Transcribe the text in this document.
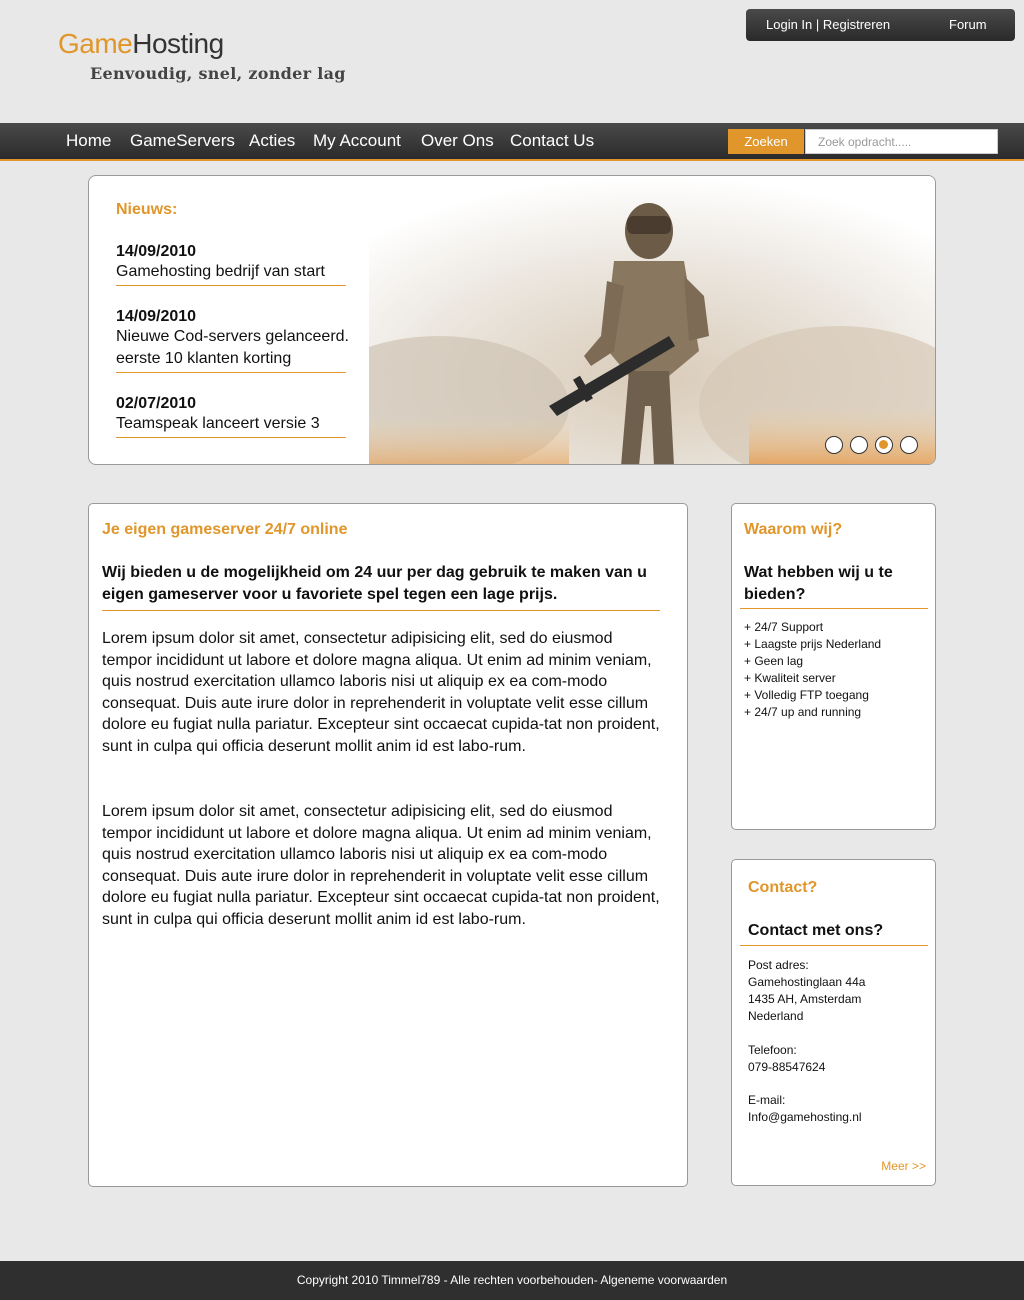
GameHosting
Eenvoudig, snel, zonder lag
Login In | Registreren	Forum
Home GameServers Acties My Account Over Ons Contact Us	Zoeken
Zoek opdracht.....
Nieuws:
14/09/2010
Gamehosting bedrijf van start
14/09/2010
Nieuwe Cod-servers gelanceerd.
eerste 10 klanten korting
02/07/2010
Teamspeak lanceert versie 3
Je eigen gameserver 24/7 online
Wij bieden u de mogelijkheid om 24 uur per dag gebruik te maken van u eigen gameserver voor u favoriete spel tegen een lage prijs.
Lorem ipsum dolor sit amet, consectetur adipisicing elit, sed do eiusmod tempor incididunt ut labore et dolore magna aliqua. Ut enim ad minim veniam, quis nostrud exercitation ullamco laboris nisi ut aliquip ex ea com-modo consequat. Duis aute irure dolor in reprehenderit in voluptate velit esse cillum dolore eu fugiat nulla pariatur. Excepteur sint occaecat cupida-tat non proident, sunt in culpa qui officia deserunt mollit anim id est labo-rum.
Lorem ipsum dolor sit amet, consectetur adipisicing elit, sed do eiusmod tempor incididunt ut labore et dolore magna aliqua. Ut enim ad minim veniam, quis nostrud exercitation ullamco laboris nisi ut aliquip ex ea com-modo consequat. Duis aute irure dolor in reprehenderit in voluptate velit esse cillum dolore eu fugiat nulla pariatur. Excepteur sint occaecat cupida-tat non proident, sunt in culpa qui officia deserunt mollit anim id est labo-rum.
Waarom wij?
Wat hebben wij u te bieden?
+ 24/7 Support
+ Laagste prijs Nederland
+ Geen lag
+ Kwaliteit server
+ Volledig FTP toegang
+ 24/7 up and running
Contact?
Contact met ons?
Post adres:
Gamehostinglaan 44a
1435 AH, Amsterdam
Nederland
Telefoon:
079-88547624
E-mail:
Info@gamehosting.nl
Meer >>
Copyright 2010 Timmel789 - Alle rechten voorbehouden- Algeneme voorwaarden
